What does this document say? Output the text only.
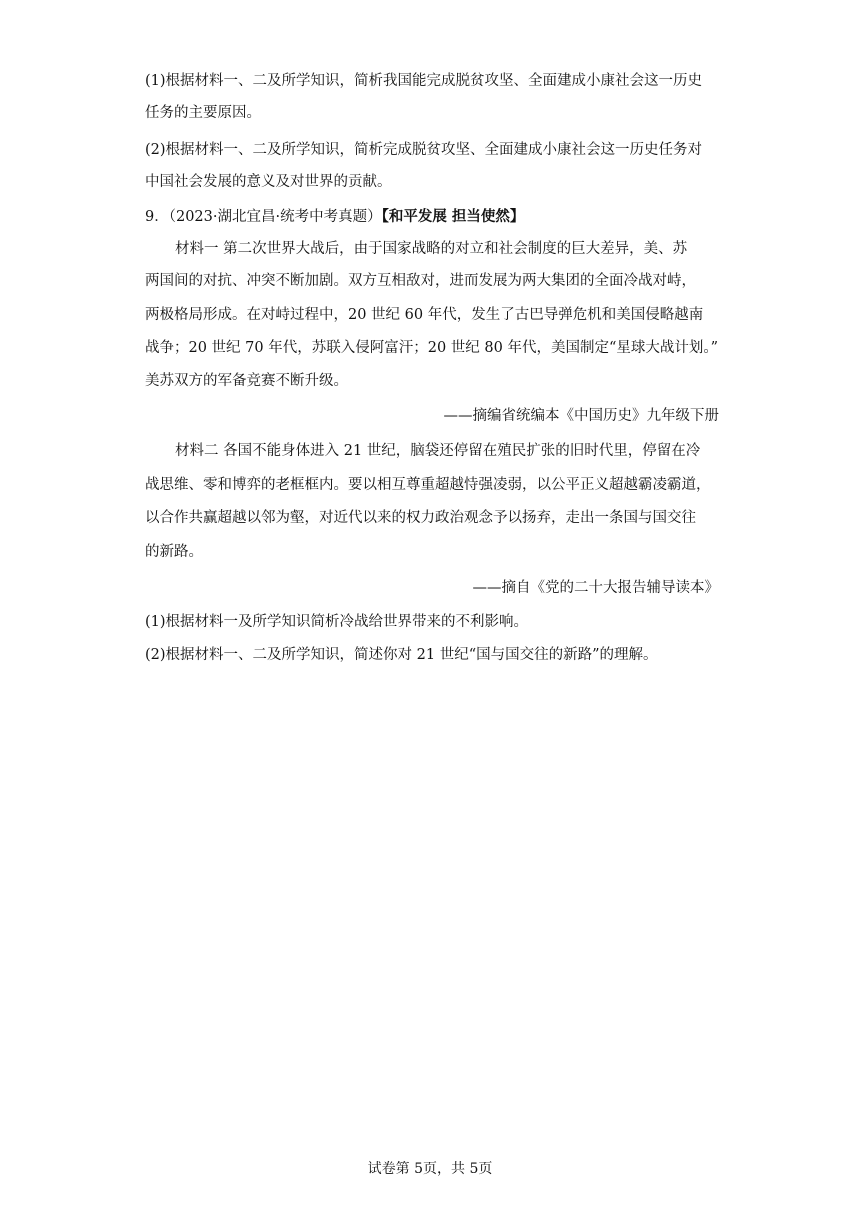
(1)根据材料一、二及所学知识，简析我国能完成脱贫攻坚、全面建成小康社会这一历史
任务的主要原因。
(2)根据材料一、二及所学知识，简析完成脱贫攻坚、全面建成小康社会这一历史任务对
中国社会发展的意义及对世界的贡献。
9．（2023·湖北宜昌·统考中考真题）【和平发展 担当使然】
材料一 第二次世界大战后，由于国家战略的对立和社会制度的巨大差异，美、苏
两国间的对抗、冲突不断加剧。双方互相敌对，进而发展为两大集团的全面冷战对峙，
两极格局形成。在对峙过程中，20 世纪 60 年代，发生了古巴导弹危机和美国侵略越南
战争；20 世纪 70 年代，苏联入侵阿富汗；20 世纪 80 年代，美国制定“星球大战计划。”
美苏双方的军备竞赛不断升级。
——摘编省统编本《中国历史》九年级下册
材料二 各国不能身体进入 21 世纪，脑袋还停留在殖民扩张的旧时代里，停留在冷
战思维、零和博弈的老框框内。要以相互尊重超越恃强凌弱，以公平正义超越霸凌霸道，
以合作共赢超越以邻为壑，对近代以来的权力政治观念予以扬弃，走出一条国与国交往
的新路。
——摘自《党的二十大报告辅导读本》
(1)根据材料一及所学知识简析冷战给世界带来的不利影响。
(2)根据材料一、二及所学知识，简述你对 21 世纪“国与国交往的新路”的理解。
试卷第 5页，共 5页
